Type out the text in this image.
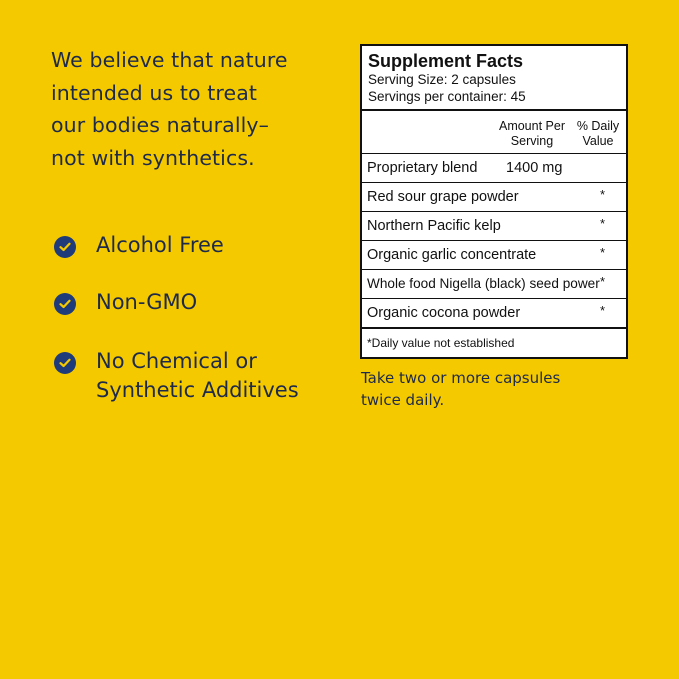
We believe that nature
intended us to treat
our bodies naturally–
not with synthetics.
Alcohol Free
Non-GMO
No Chemical or
Synthetic Additives
Supplement Facts
Serving Size: 2 capsules
Servings per container: 45
Amount Per
Serving
% Daily
Value
Proprietary blend 1400 mg
Red sour grape powder	*
Northern Pacific kelp	*
Organic garlic concentrate	*
Whole food Nigella (black) seed power *
Organic cocona powder	*
*Daily value not established
Take two or more capsules
twice daily.
